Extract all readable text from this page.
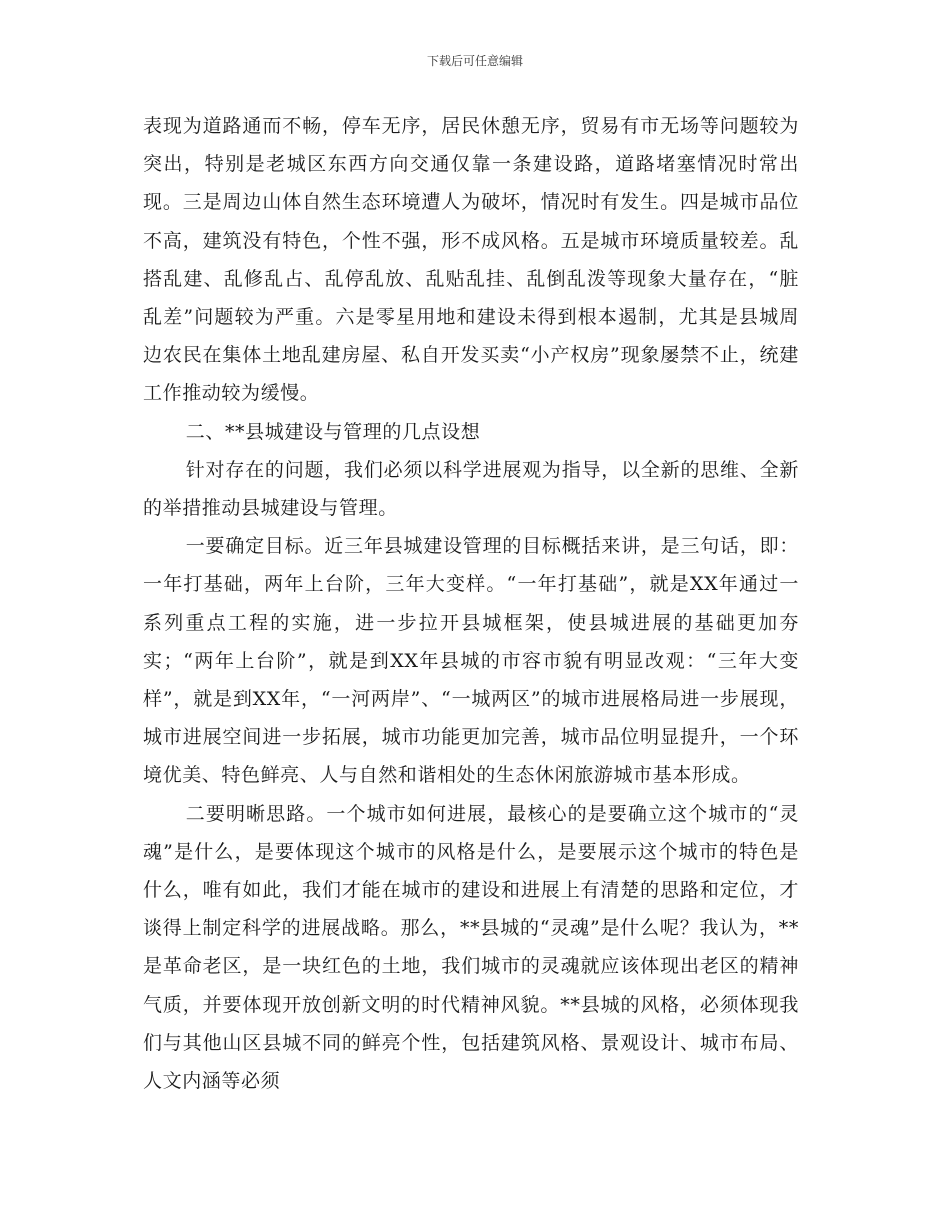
下载后可任意编辑

表现为道路通而不畅，停车无序，居民休憩无序，贸易有市无场等问题较为突出，特别是老城区东西方向交通仅靠一条建设路，道路堵塞情况时常出现。三是周边山体自然生态环境遭人为破坏，情况时有发生。四是城市品位不高，建筑没有特色，个性不强，形不成风格。五是城市环境质量较差。乱搭乱建、乱修乱占、乱停乱放、乱贴乱挂、乱倒乱泼等现象大量存在，“脏乱差”问题较为严重。六是零星用地和建设未得到根本遏制，尤其是县城周边农民在集体土地乱建房屋、私自开发买卖“小产权房”现象屡禁不止，统建工作推动较为缓慢。

二、**县城建设与管理的几点设想

针对存在的问题，我们必须以科学进展观为指导，以全新的思维、全新的举措推动县城建设与管理。

一要确定目标。近三年县城建设管理的目标概括来讲，是三句话，即：一年打基础，两年上台阶，三年大变样。“一年打基础”，就是XX年通过一系列重点工程的实施，进一步拉开县城框架，使县城进展的基础更加夯实；“两年上台阶”，就是到XX年县城的市容市貌有明显改观：“三年大变样”，就是到XX年，“一河两岸”、“一城两区”的城市进展格局进一步展现，城市进展空间进一步拓展，城市功能更加完善，城市品位明显提升，一个环境优美、特色鲜亮、人与自然和谐相处的生态休闲旅游城市基本形成。

二要明晰思路。一个城市如何进展，最核心的是要确立这个城市的“灵魂”是什么，是要体现这个城市的风格是什么，是要展示这个城市的特色是什么，唯有如此，我们才能在城市的建设和进展上有清楚的思路和定位，才谈得上制定科学的进展战略。那么，**县城的“灵魂”是什么呢？我认为，**是革命老区，是一块红色的土地，我们城市的灵魂就应该体现出老区的精神气质，并要体现开放创新文明的时代精神风貌。**县城的风格，必须体现我们与其他山区县城不同的鲜亮个性，包括建筑风格、景观设计、城市布局、人文内涵等必须
